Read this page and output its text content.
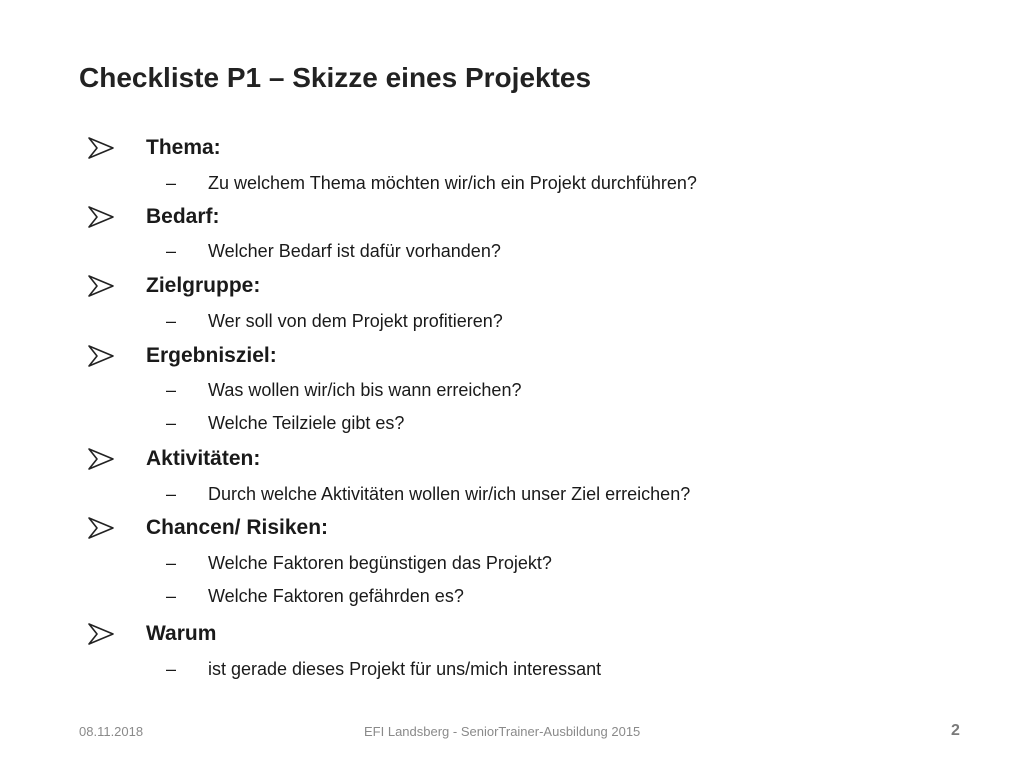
Checkliste P1 – Skizze eines Projektes
Thema:
– Zu welchem Thema möchten wir/ich ein Projekt durchführen?
Bedarf:
– Welcher Bedarf ist dafür vorhanden?
Zielgruppe:
– Wer soll von dem Projekt profitieren?
Ergebnisziel:
– Was wollen wir/ich bis wann erreichen?
– Welche Teilziele gibt es?
Aktivitäten:
– Durch welche Aktivitäten wollen wir/ich unser Ziel erreichen?
Chancen/ Risiken:
– Welche Faktoren begünstigen das Projekt?
– Welche Faktoren gefährden es?
Warum
– ist gerade dieses Projekt für uns/mich interessant
08.11.2018	EFI Landsberg - SeniorTrainer-Ausbildung 2015	2
